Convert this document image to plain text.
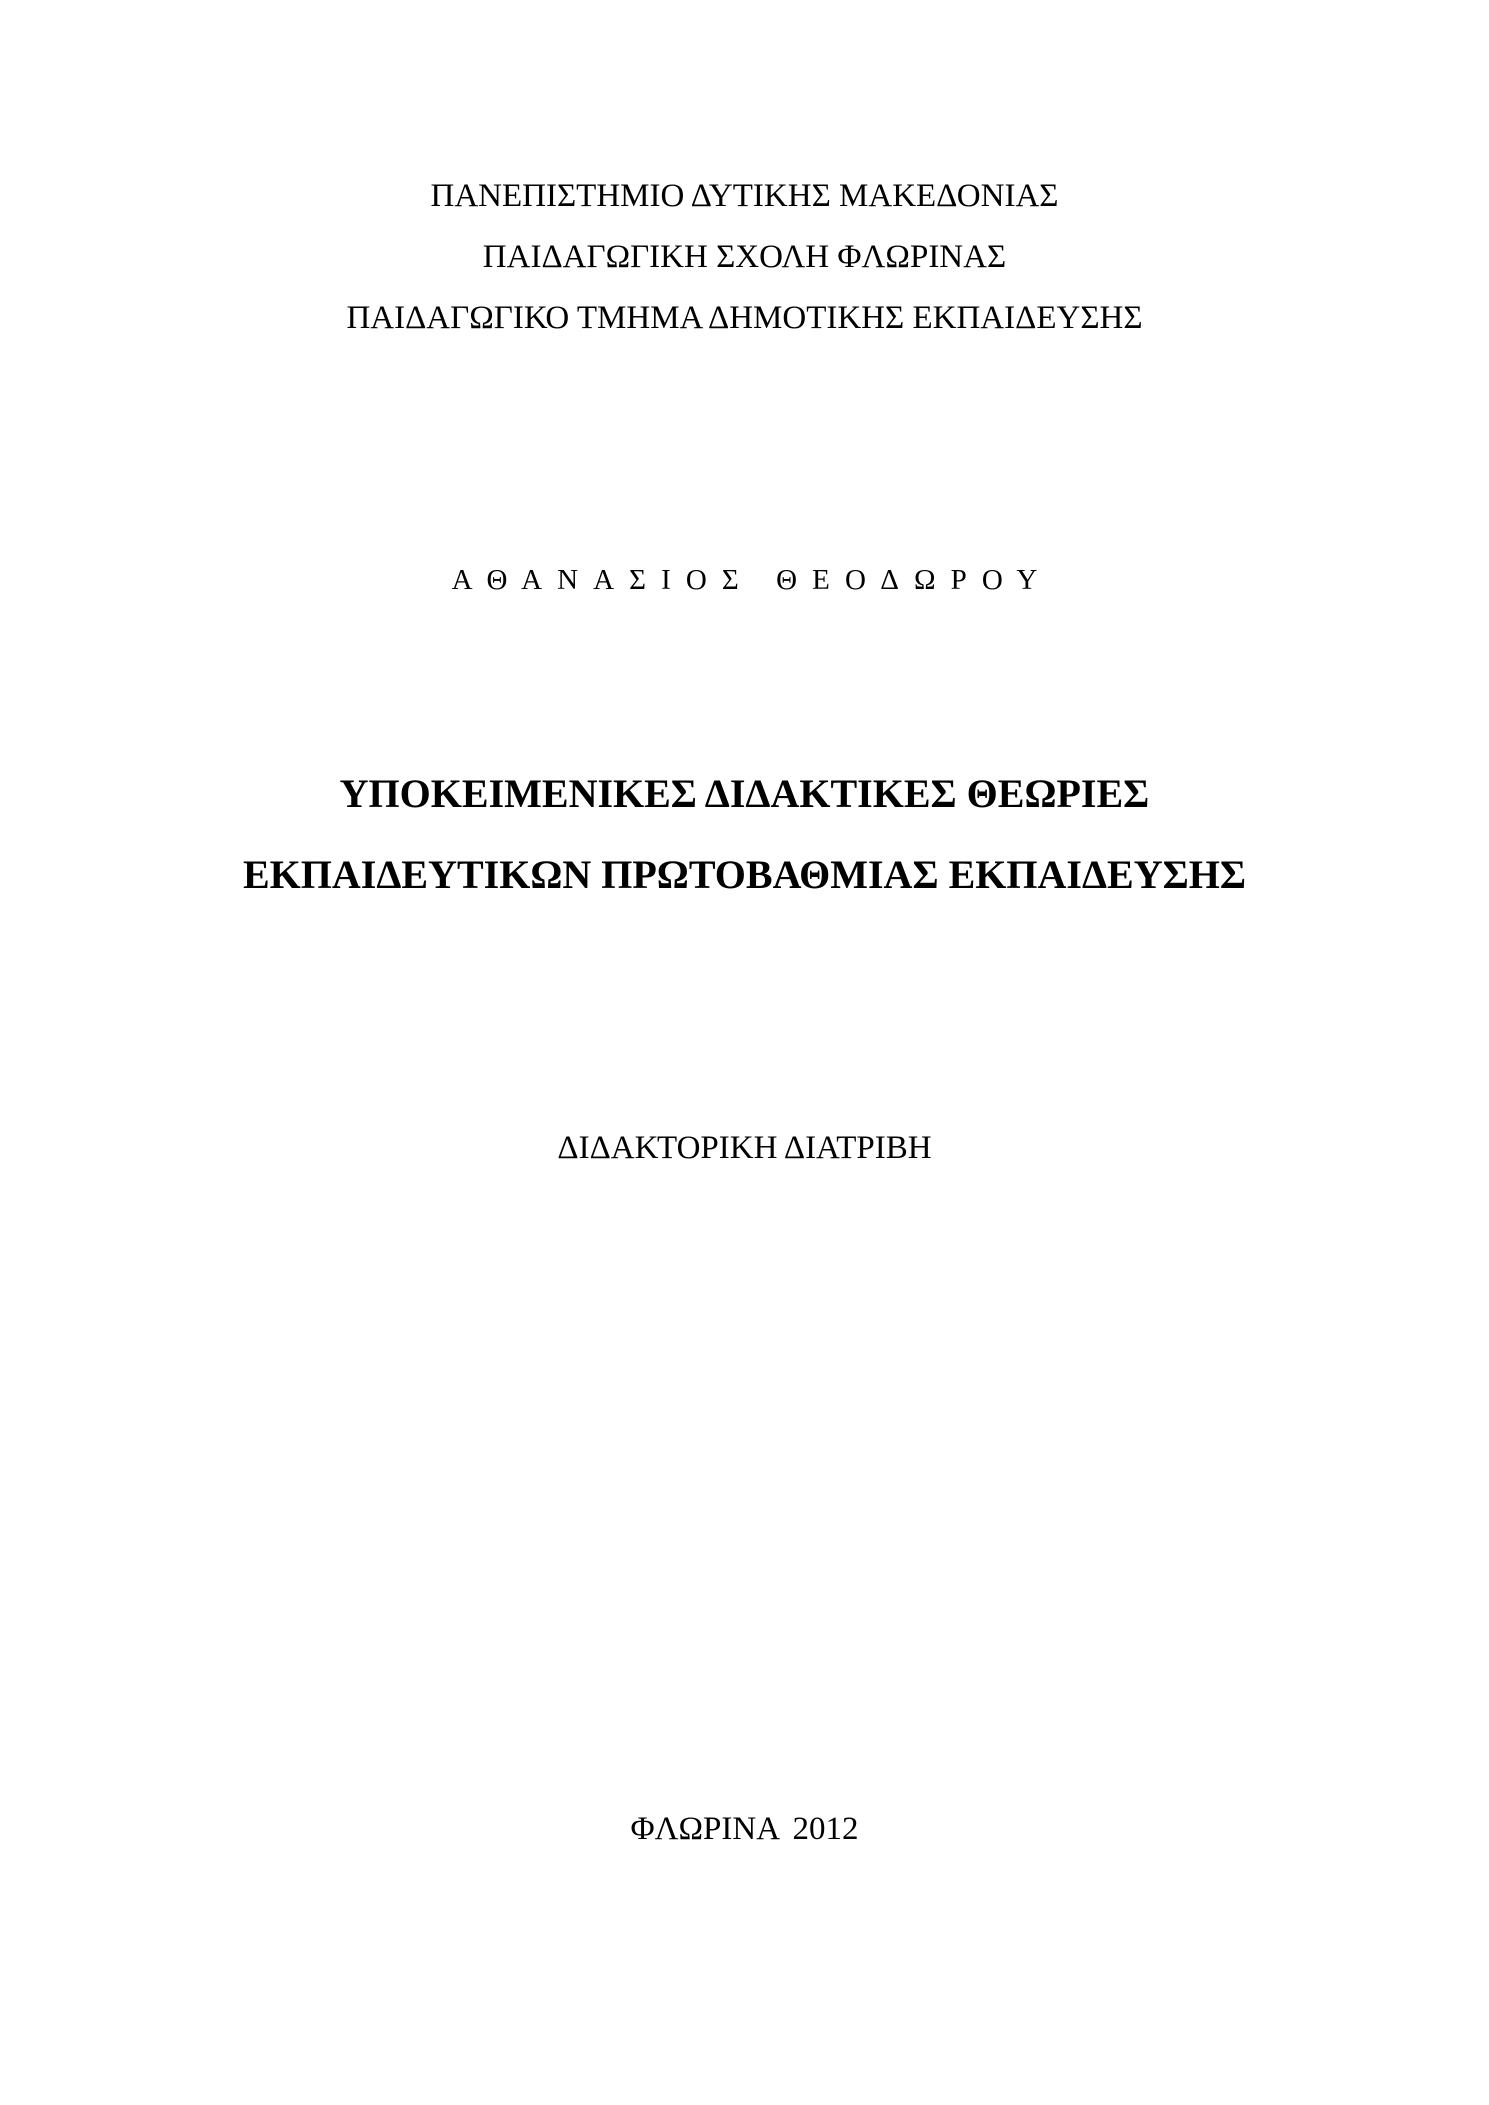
ΠΑΝΕΠΙΣΤΗΜΙΟ ΔΥΤΙΚΗΣ ΜΑΚΕΔΟΝΙΑΣ
ΠΑΙΔΑΓΩΓΙΚΗ ΣΧΟΛΗ ΦΛΩΡΙΝΑΣ
ΠΑΙΔΑΓΩΓΙΚΟ ΤΜΗΜΑ ΔΗΜΟΤΙΚΗΣ ΕΚΠΑΙΔΕΥΣΗΣ
ΑΘΑΝΑΣΙΟΣ ΘΕΟΔΩΡΟΥ
ΥΠΟΚΕΙΜΕΝΙΚΕΣ ΔΙΔΑΚΤΙΚΕΣ ΘΕΩΡΙΕΣ
ΕΚΠΑΙΔΕΥΤΙΚΩΝ ΠΡΩΤΟΒΑΘΜΙΑΣ ΕΚΠΑΙΔΕΥΣΗΣ
ΔΙΔΑΚΤΟΡΙΚΗ ΔΙΑΤΡΙΒΗ
ΦΛΩΡΙΝΑ 2012
